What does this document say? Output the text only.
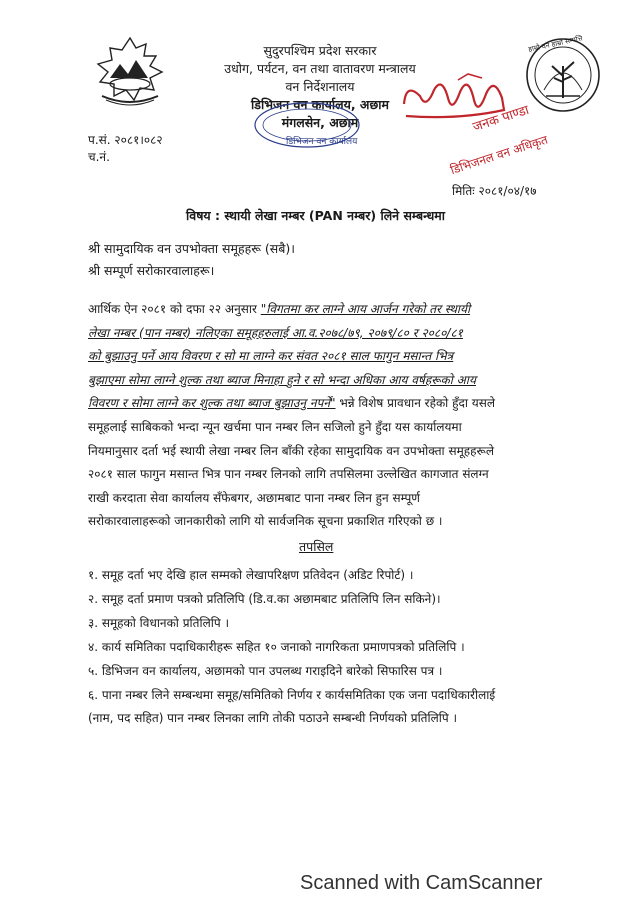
सुदुरपश्चिम प्रदेश सरकार
उधोग, पर्यटन, वन तथा वातावरण मन्त्रालय
वन निर्देशनालय
डिभिजन वन कार्यालय, अछाम
मंगलसेन, अछाम
डिभिजन वन कार्यालय
जनक पाण्डा
डिभिजनल वन अधिकृत
हाम्रो वन हाम्रो सम्पत्ति
प.सं. २०८१।०८२
च.नं.
मितिः २०८१/०४/१७
विषय : स्थायी लेखा नम्बर (PAN नम्बर) लिने सम्बन्धमा
श्री सामुदायिक वन उपभोक्ता समूहहरू (सबै)।
श्री सम्पूर्ण सरोकारवालाहरू।
आर्थिक ऐन २०८१ को दफा २२ अनुसार "विगतमा कर लाग्ने आय आर्जन गरेको तर स्थायी
लेखा नम्बर (पान नम्बर) नलिएका समूहहरुलाई आ.व.२०७८/७९, २०७९/८० र २०८०/८१
को बुझाउनु पर्ने आय विवरण र सो मा लाग्ने कर संवत २०८१ साल फागुन मसान्त भित्र
बुझाएमा सोमा लाग्ने शुल्क तथा ब्याज मिनाहा हुने र सो भन्दा अधिका आय वर्षहरूको आय
विवरण र सोमा लाग्ने कर शुल्क तथा ब्याज बुझाउनु नपर्ने" भन्ने विशेष प्रावधान रहेको हुँदा यसले
समूहलाई साबिकको भन्दा न्यून खर्चमा पान नम्बर लिन सजिलो हुने हुँदा यस कार्यालयमा
नियमानुसार दर्ता भई स्थायी लेखा नम्बर लिन बाँकी रहेका सामुदायिक वन उपभोक्ता समूहहरूले
२०८१ साल फागुन मसान्त भित्र पान नम्बर लिनको लागि तपसिलमा उल्लेखित कागजात संलग्न
राखी करदाता सेवा कार्यालय सँफेबगर, अछामबाट पाना नम्बर लिन हुन सम्पूर्ण
सरोकारवालाहरूको जानकारीको लागि यो सार्वजनिक सूचना प्रकाशित गरिएको छ ।
तपसिल
१. समूह दर्ता भए देखि हाल सम्मको लेखापरिक्षण प्रतिवेदन (अडिट रिपोर्ट) ।
२. समूह दर्ता प्रमाण पत्रको प्रतिलिपि (डि.व.का अछामबाट प्रतिलिपि लिन सकिने)।
३. समूहको विधानको प्रतिलिपि ।
४. कार्य समितिका पदाधिकारीहरू सहित १० जनाको नागरिकता प्रमाणपत्रको प्रतिलिपि ।
५. डिभिजन वन कार्यालय, अछामको पान उपलब्ध गराइदिने बारेको सिफारिस पत्र ।
६. पाना नम्बर लिने सम्बन्धमा समूह/समितिको निर्णय र कार्यसमितिका एक जना पदाधिकारीलाई
(नाम, पद सहित) पान नम्बर लिनका लागि तोकी पठाउने सम्बन्धी निर्णयको प्रतिलिपि ।
Scanned with CamScanner
